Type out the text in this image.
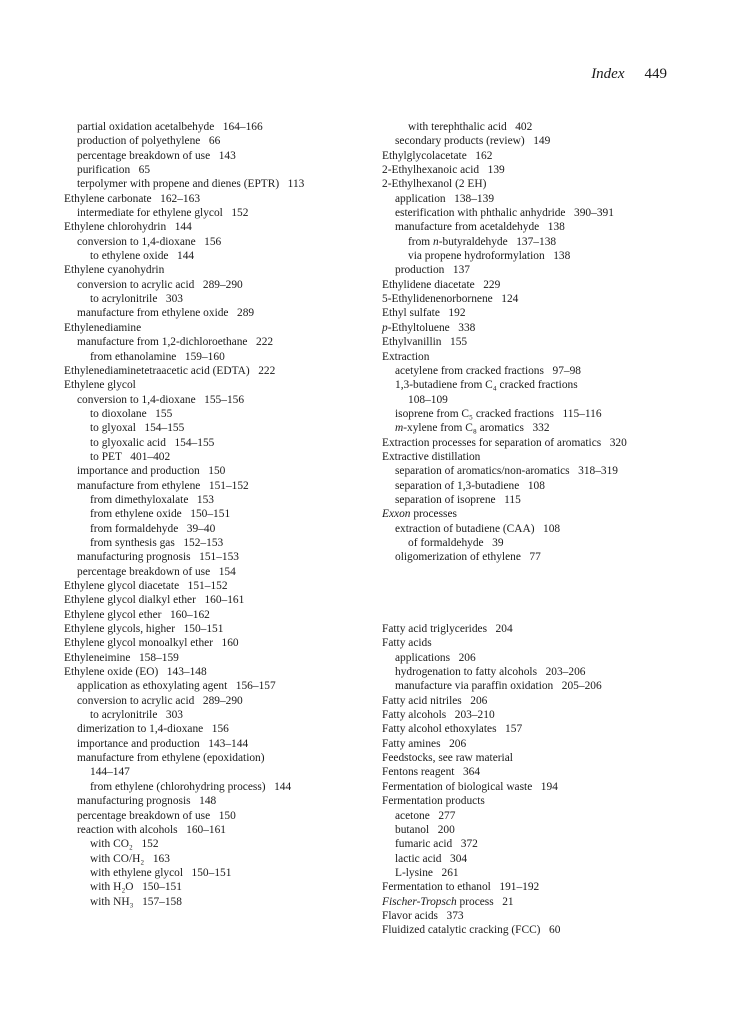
Index 449
partial oxidation acetalbehyde   164–166
production of polyethylene   66
percentage breakdown of use   143
purification   65
terpolymer with propene and dienes (EPTR)   113
Ethylene carbonate   162–163
intermediate for ethylene glycol   152
Ethylene chlorohydrin   144
conversion to 1,4-dioxane   156
to ethylene oxide   144
Ethylene cyanohydrin
conversion to acrylic acid   289–290
to acrylonitrile   303
manufacture from ethylene oxide   289
Ethylenediamine
manufacture from 1,2-dichloroethane   222
from ethanolamine   159–160
Ethylenediaminetetraacetic acid (EDTA)   222
Ethylene glycol
conversion to 1,4-dioxane   155–156
to dioxolane   155
to glyoxal   154–155
to glyoxalic acid   154–155
to PET   401–402
importance and production   150
manufacture from ethylene   151–152
from dimethyloxalate   153
from ethylene oxide   150–151
from formaldehyde   39–40
from synthesis gas   152–153
manufacturing prognosis   151–153
percentage breakdown of use   154
Ethylene glycol diacetate   151–152
Ethylene glycol dialkyl ether   160–161
Ethylene glycol ether   160–162
Ethylene glycols, higher   150–151
Ethylene glycol monoalkyl ether   160
Ethyleneimine   158–159
Ethylene oxide (EO)   143–148
application as ethoxylating agent   156–157
conversion to acrylic acid   289–290
to acrylonitrile   303
dimerization to 1,4-dioxane   156
importance and production   143–144
manufacture from ethylene (epoxidation)
144–147
from ethylene (chlorohydring process)   144
manufacturing prognosis   148
percentage breakdown of use   150
reaction with alcohols   160–161
with CO₂   152
with CO/H₂   163
with ethylene glycol   150–151
with H₂O   150–151
with NH₃   157–158
with terephthalic acid   402
secondary products (review)   149
Ethylglycolacetate   162
2-Ethylhexanoic acid   139
2-Ethylhexanol (2 EH)
application   138–139
esterification with phthalic anhydride   390–391
manufacture from acetaldehyde   138
from n-butyraldehyde   137–138
via propene hydroformylation   138
production   137
Ethylidene diacetate   229
5-Ethylidenenorbornene   124
Ethyl sulfate   192
p-Ethyltoluene   338
Ethylvanillin   155
Extraction
acetylene from cracked fractions   97–98
1,3-butadiene from C₄ cracked fractions
108–109
isoprene from C₅ cracked fractions   115–116
m-xylene from C₈ aromatics   332
Extraction processes for separation of aromatics   320
Extractive distillation
separation of aromatics/non-aromatics   318–319
separation of 1,3-butadiene   108
separation of isoprene   115
Exxon processes
extraction of butadiene (CAA)   108
of formaldehyde   39
oligomerization of ethylene   77
Fatty acid triglycerides   204
Fatty acids
applications   206
hydrogenation to fatty alcohols   203–206
manufacture via paraffin oxidation   205–206
Fatty acid nitriles   206
Fatty alcohols   203–210
Fatty alcohol ethoxylates   157
Fatty amines   206
Feedstocks, see raw material
Fentons reagent   364
Fermentation of biological waste   194
Fermentation products
acetone   277
butanol   200
fumaric acid   372
lactic acid   304
L-lysine   261
Fermentation to ethanol   191–192
Fischer-Tropsch process   21
Flavor acids   373
Fluidized catalytic cracking (FCC)   60
